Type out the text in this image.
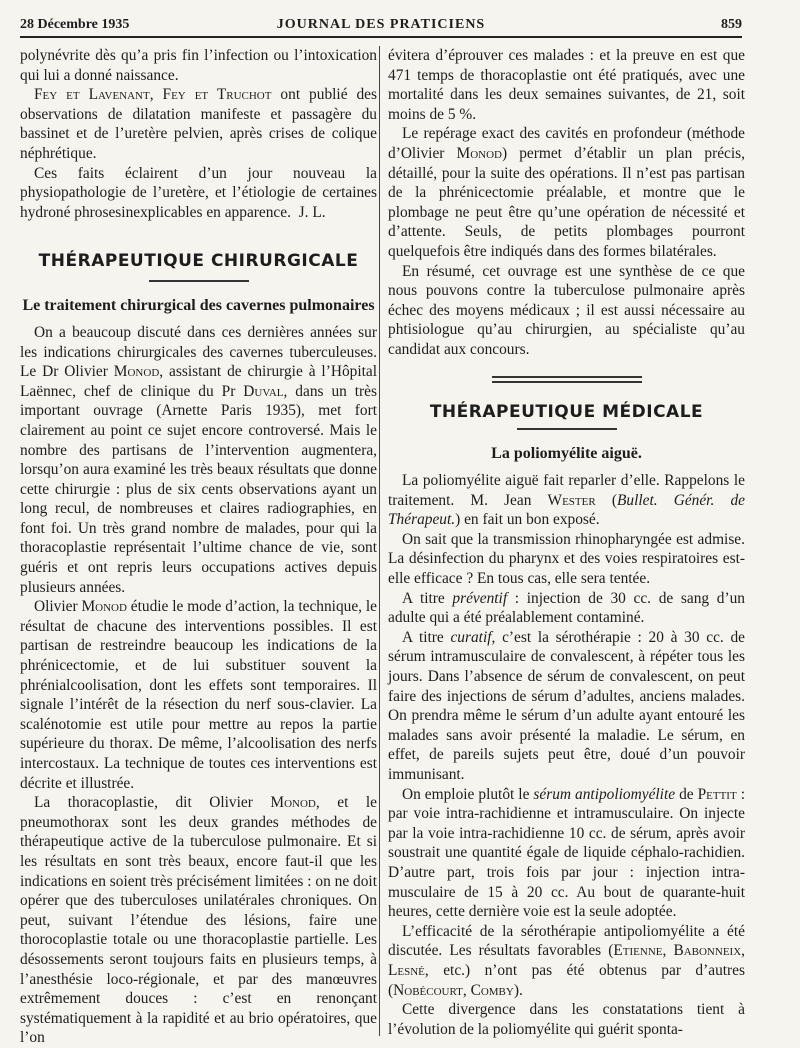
28 Décembre 1935	JOURNAL DES PRATICIENS	859

polynévrite dès qu’a pris fin l’infection ou l’intoxication qui lui a donné naissance.

Fey et Lavenant, Fey et Truchot ont publié des observations de dilatation manifeste et passagère du bassinet et de l’uretère pelvien, après crises de colique néphrétique.

Ces faits éclairent d’un jour nouveau la physiopathologie de l’uretère, et l’étiologie de certaines hydroné phrosesinexplicables en apparence. J. L.

THÉRAPEUTIQUE CHIRURGICALE
Le traitement chirurgical des cavernes pulmonaires

On a beaucoup discuté dans ces dernières années sur les indications chirurgicales des cavernes tuberculeuses. Le Dr Olivier Monod, assistant de chirurgie à l’Hôpital Laënnec, chef de clinique du Pr Duval, dans un très important ouvrage (Arnette Paris 1935), met fort clairement au point ce sujet encore controversé. Mais le nombre des partisans de l’intervention augmentera, lorsqu’on aura examiné les très beaux résultats que donne cette chirurgie : plus de six cents observations ayant un long recul, de nombreuses et claires radiographies, en font foi. Un très grand nombre de malades, pour qui la thoracoplastie représentait l’ultime chance de vie, sont guéris et ont repris leurs occupations actives depuis plusieurs années.

Olivier Monod étudie le mode d’action, la technique, le résultat de chacune des interventions possibles. Il est partisan de restreindre beaucoup les indications de la phrénicectomie, et de lui substituer souvent la phrénialcoolisation, dont les effets sont temporaires. Il signale l’intérêt de la résection du nerf sous-clavier. La scalénotomie est utile pour mettre au repos la partie supérieure du thorax. De même, l’alcoolisation des nerfs intercostaux. La technique de toutes ces interventions est décrite et illustrée.

La thoracoplastie, dit Olivier Monod, et le pneumothorax sont les deux grandes méthodes de thérapeutique active de la tuberculose pulmonaire. Et si les résultats en sont très beaux, encore faut-il que les indications en soient très précisément limitées : on ne doit opérer que des tuberculoses unilatérales chroniques. On peut, suivant l’étendue des lésions, faire une thorocoplastie totale ou une thoracoplastie partielle. Les désossements seront toujours faits en plusieurs temps, à l’anesthésie loco-régionale, et par des manœuvres extrêmement douces : c’est en renonçant systématiquement à la rapidité et au brio opératoires, que l’on

évitera d’éprouver ces malades : et la preuve en est que 471 temps de thoracoplastie ont été pratiqués, avec une mortalité dans les deux semaines suivantes, de 21, soit moins de 5 %.

Le repérage exact des cavités en profondeur (méthode d’Olivier Monod) permet d’établir un plan précis, détaillé, pour la suite des opérations. Il n’est pas partisan de la phrénicectomie préalable, et montre que le plombage ne peut être qu’une opération de nécessité et d’attente. Seuls, de petits plombages pourront quelquefois être indiqués dans des formes bilatérales.

En résumé, cet ouvrage est une synthèse de ce que nous pouvons contre la tuberculose pulmonaire après échec des moyens médicaux ; il est aussi nécessaire au phtisiologue qu’au chirurgien, au spécialiste qu’au candidat aux concours.

THÉRAPEUTIQUE MÉDICALE
La poliomyélite aiguë.

La poliomyélite aiguë fait reparler d’elle. Rappelons le traitement. M. Jean Wester (Bullet. Génér. de Thérapeut.) en fait un bon exposé.

On sait que la transmission rhinopharyngée est admise. La désinfection du pharynx et des voies respiratoires est-elle efficace ? En tous cas, elle sera tentée.

A titre préventif : injection de 30 cc. de sang d’un adulte qui a été préalablement contaminé.

A titre curatif, c’est la sérothérapie : 20 à 30 cc. de sérum intramusculaire de convalescent, à répéter tous les jours. Dans l’absence de sérum de convalescent, on peut faire des injections de sérum d’adultes, anciens malades. On prendra même le sérum d’un adulte ayant entouré les malades sans avoir présenté la maladie. Le sérum, en effet, de pareils sujets peut être, doué d’un pouvoir immunisant.

On emploie plutôt le sérum antipoliomyélite de Pettit : par voie intra-rachidienne et intramusculaire. On injecte par la voie intra-rachidienne 10 cc. de sérum, après avoir soustrait une quantité égale de liquide céphalo-rachidien. D’autre part, trois fois par jour : injection intra-musculaire de 15 à 20 cc. Au bout de quarante-huit heures, cette dernière voie est la seule adoptée.

L’efficacité de la sérothérapie antipoliomyélite a été discutée. Les résultats favorables (Etienne, Babonneix, Lesné, etc.) n’ont pas été obtenus par d’autres (Nobécourt, Comby).

Cette divergence dans les constatations tient à l’évolution de la poliomyélite qui guérit sponta-
